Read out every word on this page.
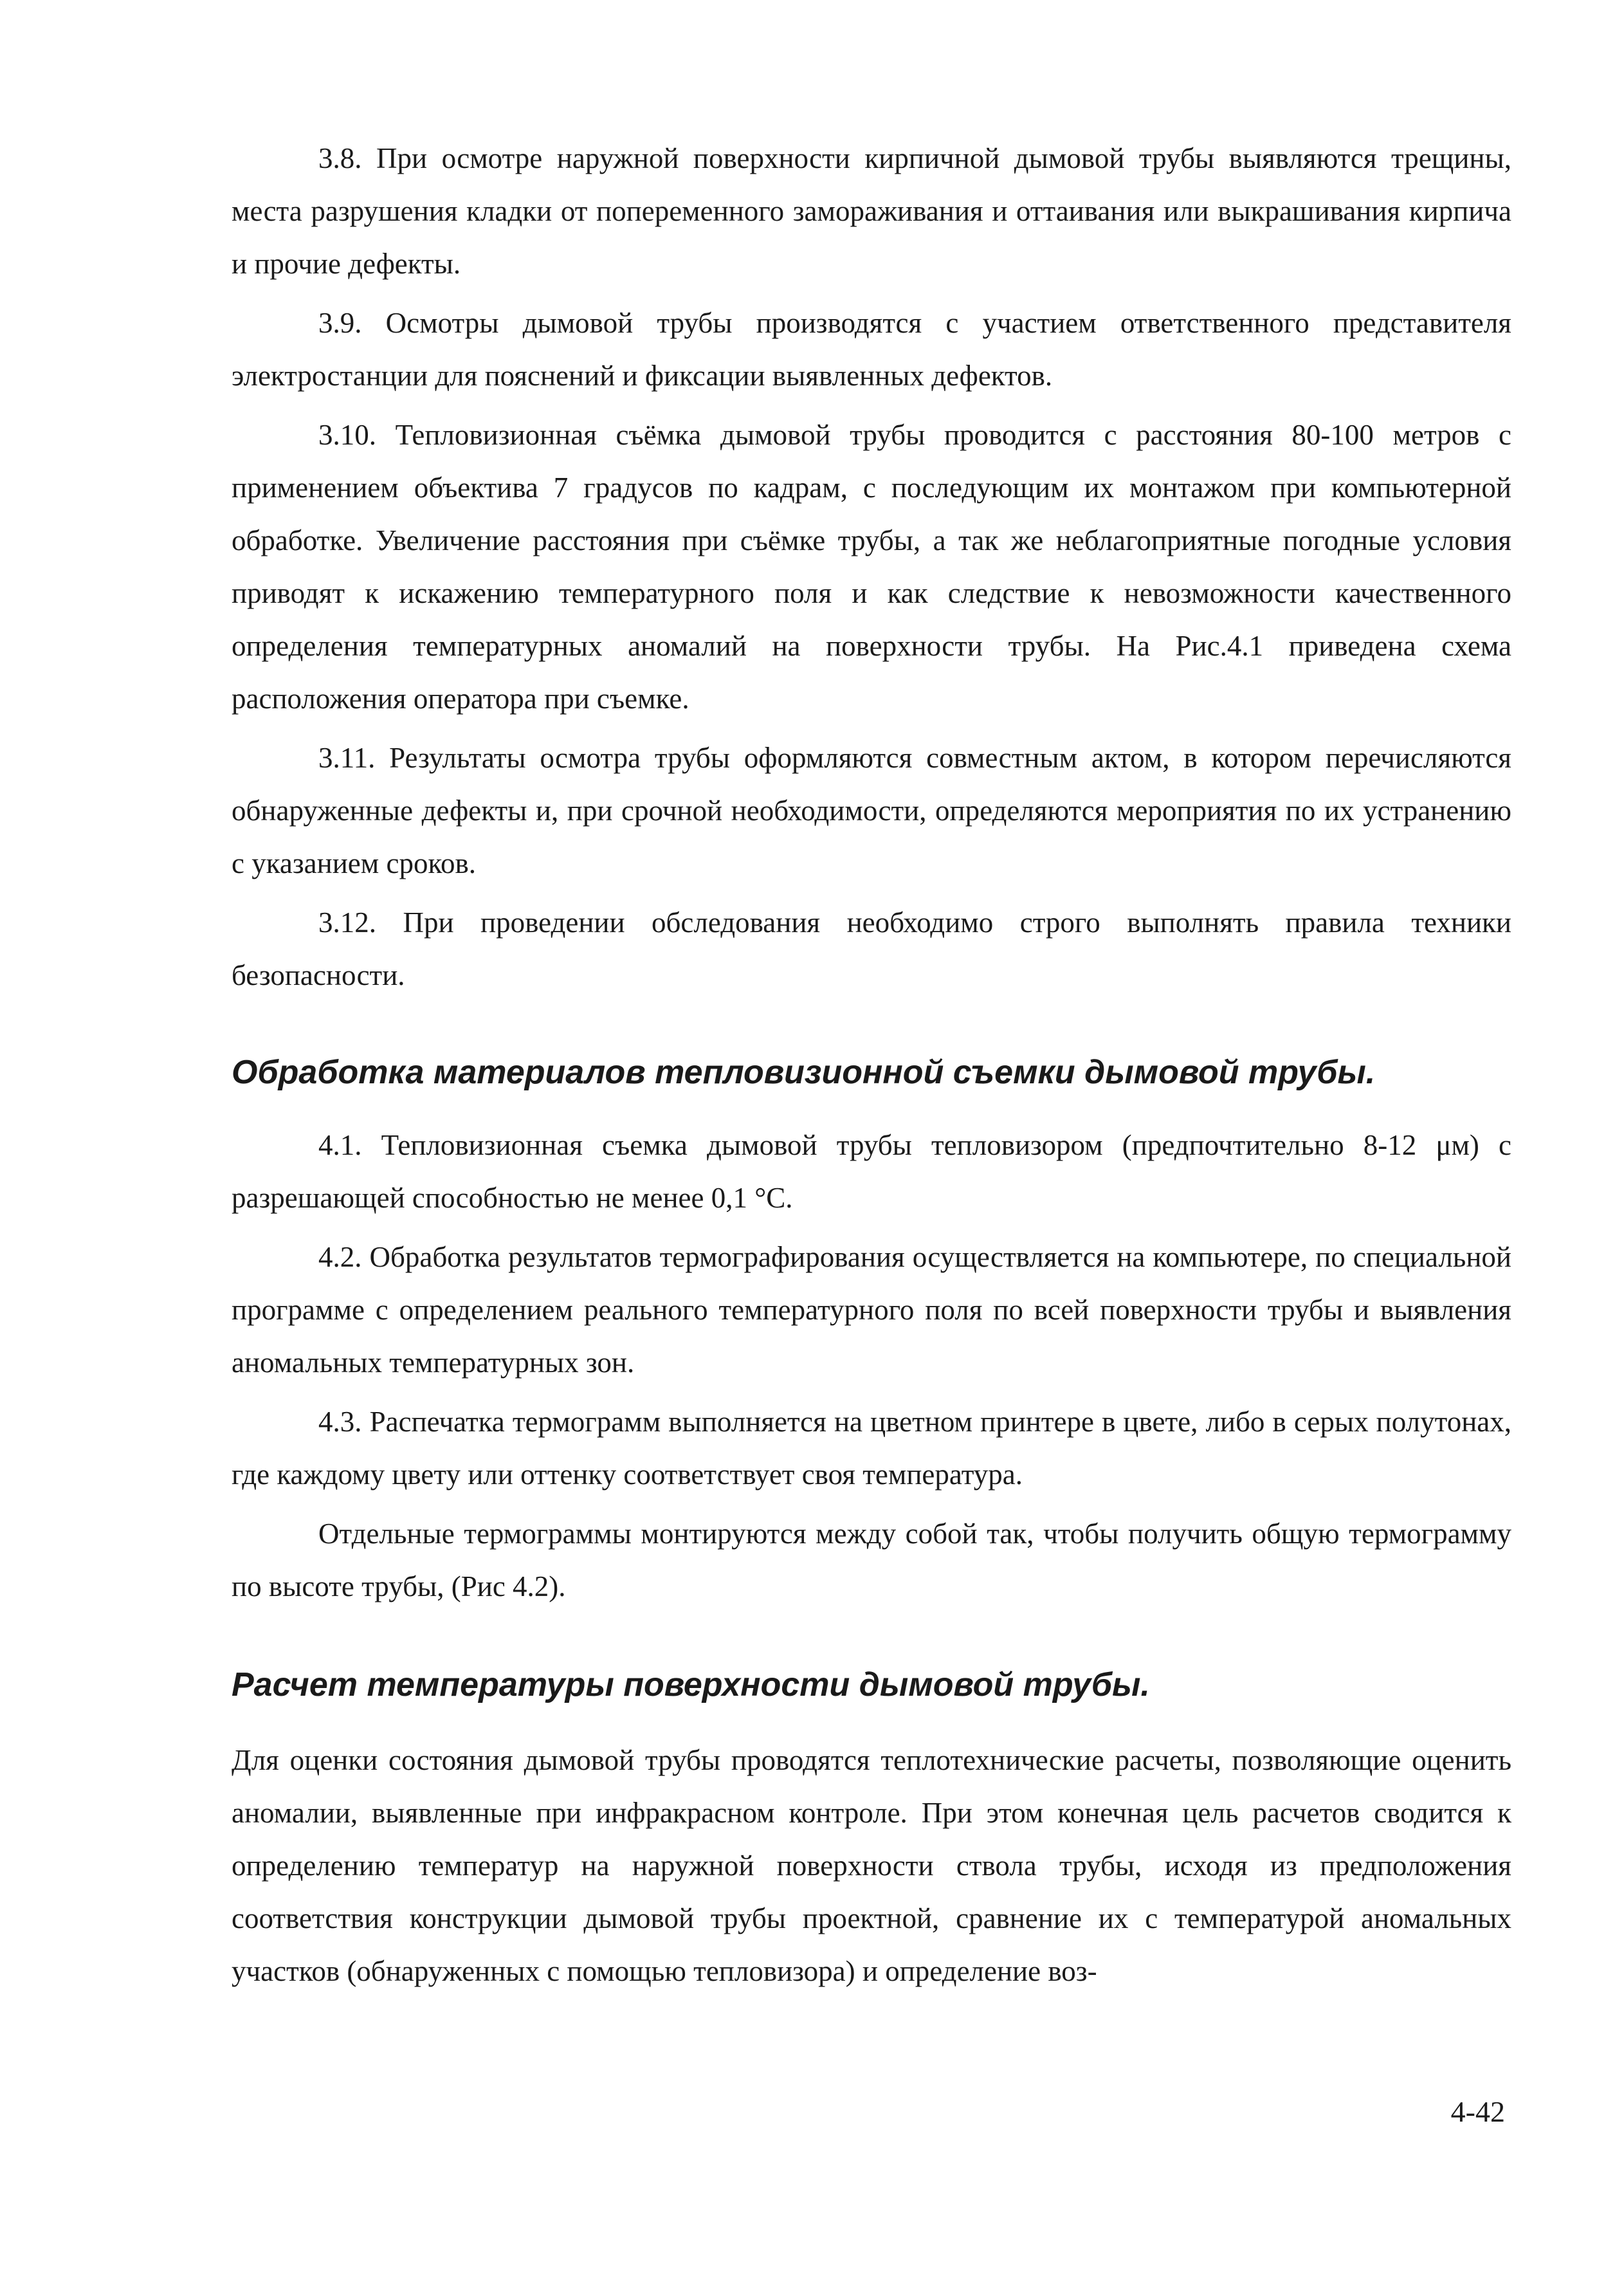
3.8. При осмотре наружной поверхности кирпичной дымовой трубы выявляются трещины, места разрушения кладки от попеременного замораживания и оттаивания или выкрашивания кирпича и прочие дефекты.

3.9. Осмотры дымовой трубы производятся с участием ответственного представителя электростанции для пояснений и фиксации выявленных дефектов.

3.10. Тепловизионная съёмка дымовой трубы проводится с расстояния 80-100 метров с применением объектива 7 градусов по кадрам, с последующим их монтажом при компьютерной обработке. Увеличение расстояния при съёмке трубы, а так же неблагоприятные погодные условия приводят к искажению температурного поля и как следствие к невозможности качественного определения температурных аномалий на поверхности трубы. На Рис.4.1 приведена схема расположения оператора при съемке.

3.11. Результаты осмотра трубы оформляются совместным актом, в котором перечисляются обнаруженные дефекты и, при срочной необходимости, определяются мероприятия по их устранению с указанием сроков.

3.12. При проведении обследования необходимо строго выполнять правила техники безопасности.

Обработка материалов тепловизионной съемки дымовой трубы.

4.1. Тепловизионная съемка дымовой трубы тепловизором (предпочтительно 8-12 μм) с разрешающей способностью не менее 0,1 °С.

4.2. Обработка результатов термографирования осуществляется на компьютере, по специальной программе с определением реального температурного поля по всей поверхности трубы и выявления аномальных температурных зон.

4.3. Распечатка термограмм выполняется на цветном принтере в цвете, либо в серых полутонах, где каждому цвету или оттенку соответствует своя температура.

Отдельные термограммы монтируются между собой так, чтобы получить общую термограмму по высоте трубы, (Рис 4.2).

Расчет температуры поверхности дымовой трубы.

Для оценки состояния дымовой трубы проводятся теплотехнические расчеты, позволяющие оценить аномалии, выявленные при инфракрасном контроле. При этом конечная цель расчетов сводится к определению температур на наружной поверхности ствола трубы, исходя из предположения соответствия конструкции дымовой трубы проектной, сравнение их с температурой аномальных участков (обнаруженных с помощью тепловизора) и определение воз-

4-42
